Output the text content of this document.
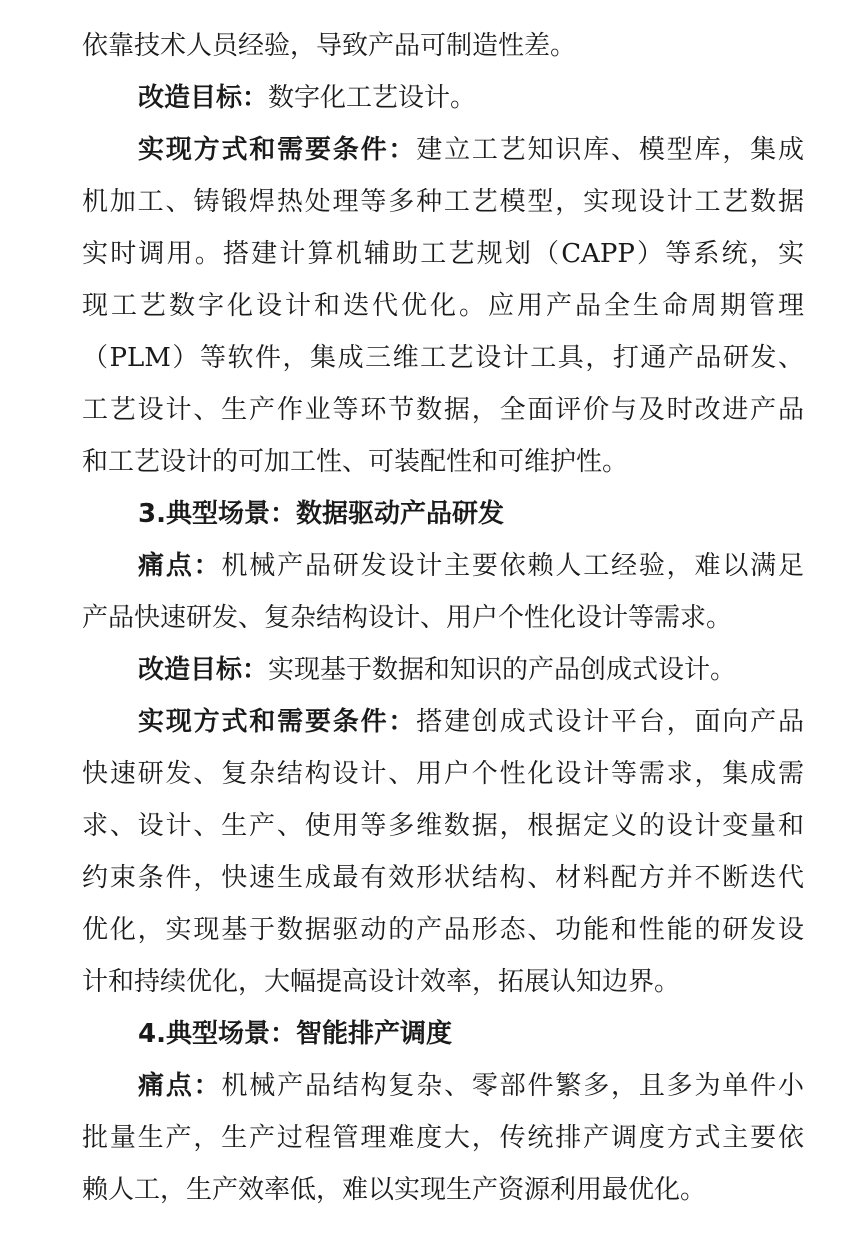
依靠技术人员经验，导致产品可制造性差。
改造目标：数字化工艺设计。
实现方式和需要条件：建立工艺知识库、模型库，集成
机加工、铸锻焊热处理等多种工艺模型，实现设计工艺数据
实时调用。搭建计算机辅助工艺规划（CAPP）等系统，实
现工艺数字化设计和迭代优化。应用产品全生命周期管理
（PLM）等软件，集成三维工艺设计工具，打通产品研发、
工艺设计、生产作业等环节数据，全面评价与及时改进产品
和工艺设计的可加工性、可装配性和可维护性。
3.典型场景：数据驱动产品研发
痛点：机械产品研发设计主要依赖人工经验，难以满足
产品快速研发、复杂结构设计、用户个性化设计等需求。
改造目标：实现基于数据和知识的产品创成式设计。
实现方式和需要条件：搭建创成式设计平台，面向产品
快速研发、复杂结构设计、用户个性化设计等需求，集成需
求、设计、生产、使用等多维数据，根据定义的设计变量和
约束条件，快速生成最有效形状结构、材料配方并不断迭代
优化，实现基于数据驱动的产品形态、功能和性能的研发设
计和持续优化，大幅提高设计效率，拓展认知边界。
4.典型场景：智能排产调度
痛点：机械产品结构复杂、零部件繁多，且多为单件小
批量生产，生产过程管理难度大，传统排产调度方式主要依
赖人工，生产效率低，难以实现生产资源利用最优化。
